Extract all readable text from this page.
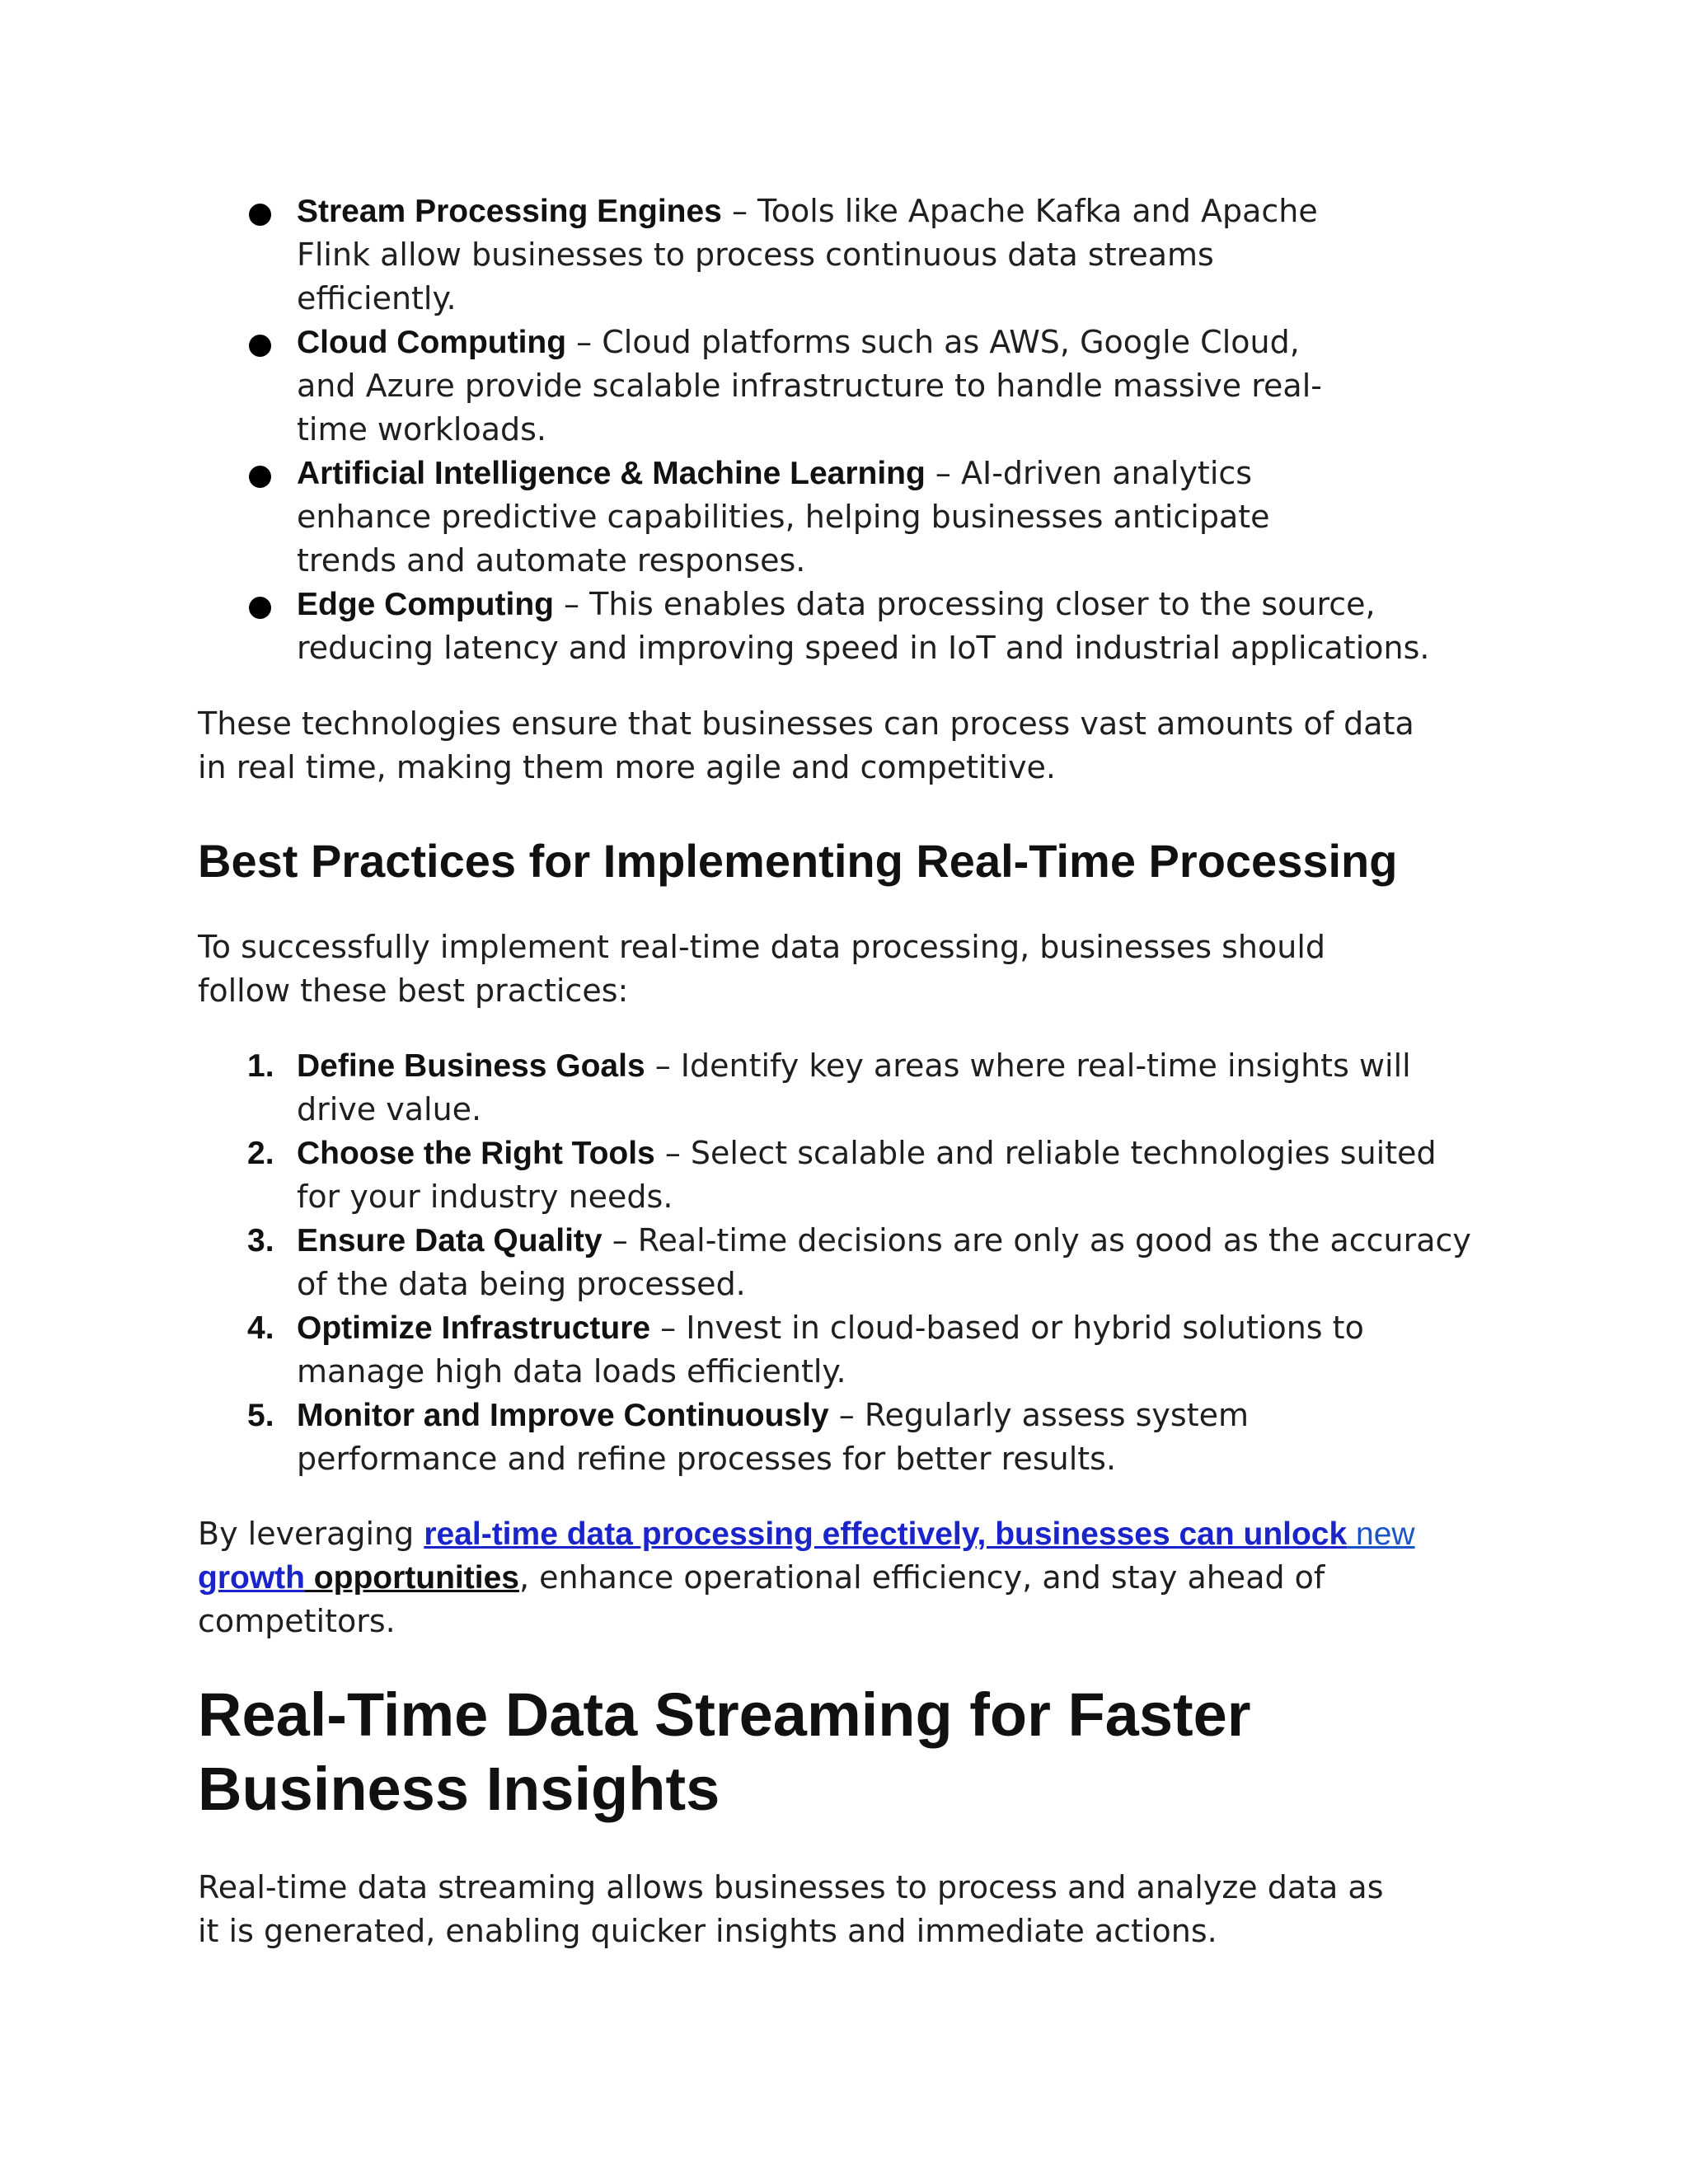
Stream Processing Engines – Tools like Apache Kafka and Apache Flink allow businesses to process continuous data streams efficiently.
Cloud Computing – Cloud platforms such as AWS, Google Cloud, and Azure provide scalable infrastructure to handle massive real-time workloads.
Artificial Intelligence & Machine Learning – AI-driven analytics enhance predictive capabilities, helping businesses anticipate trends and automate responses.
Edge Computing – This enables data processing closer to the source, reducing latency and improving speed in IoT and industrial applications.

These technologies ensure that businesses can process vast amounts of data in real time, making them more agile and competitive.

Best Practices for Implementing Real-Time Processing

To successfully implement real-time data processing, businesses should follow these best practices:

1. Define Business Goals – Identify key areas where real-time insights will drive value.
2. Choose the Right Tools – Select scalable and reliable technologies suited for your industry needs.
3. Ensure Data Quality – Real-time decisions are only as good as the accuracy of the data being processed.
4. Optimize Infrastructure – Invest in cloud-based or hybrid solutions to manage high data loads efficiently.
5. Monitor and Improve Continuously – Regularly assess system performance and refine processes for better results.

By leveraging real-time data processing effectively, businesses can unlock new
growth opportunities, enhance operational efficiency, and stay ahead of competitors.

Real-Time Data Streaming for Faster Business Insights

Real-time data streaming allows businesses to process and analyze data as it is generated, enabling quicker insights and immediate actions.
